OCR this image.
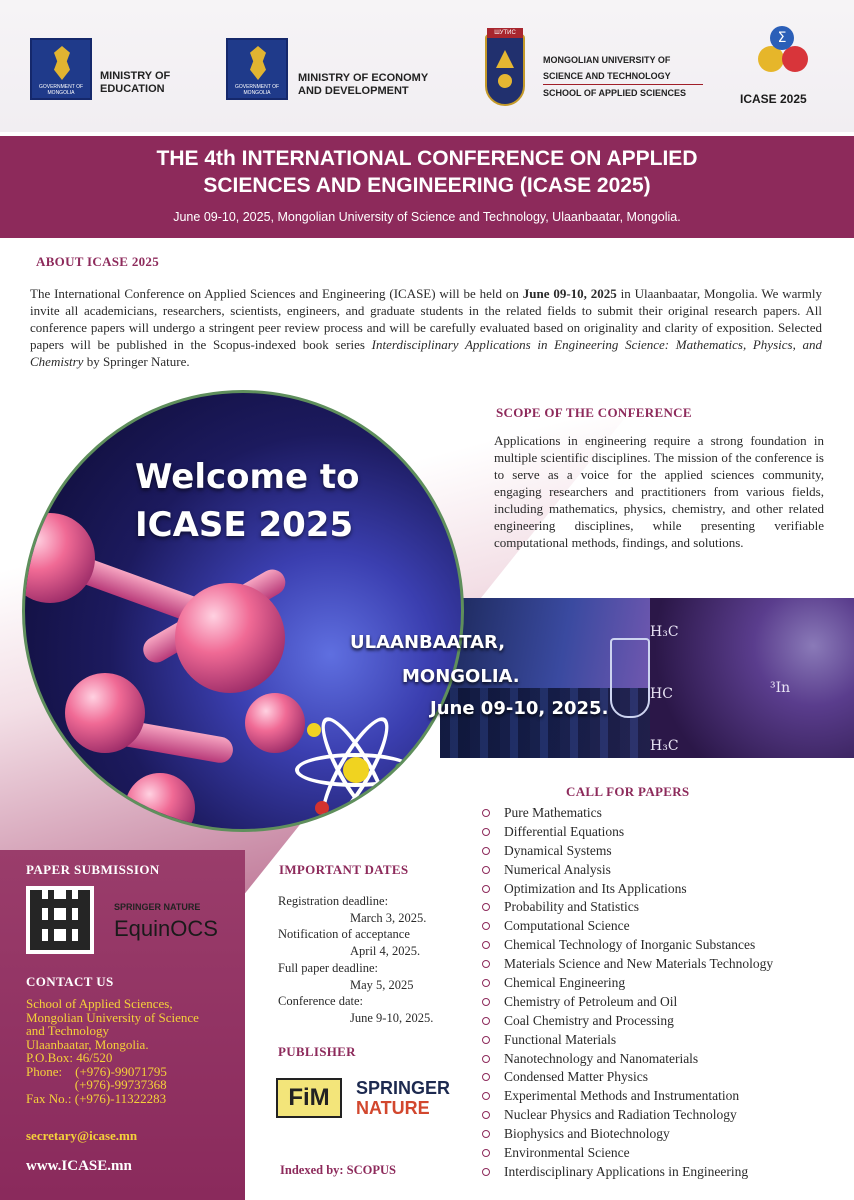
GOVERNMENT OF MONGOLIA
MINISTRY OF
EDUCATION	GOVERNMENT OF MONGOLIA
MINISTRY OF ECONOMY
AND DEVELOPMENT
ШУТИС
MONGOLIAN UNIVERSITY OF
SCIENCE AND TECHNOLOGY
SCHOOL OF APPLIED SCIENCES
Σ
ICASE 2025
THE 4th INTERNATIONAL CONFERENCE ON APPLIED
SCIENCES AND ENGINEERING (ICASE 2025)
June 09-10, 2025, Mongolian University of Science and Technology, Ulaanbaatar, Mongolia.
ABOUT ICASE 2025
The International Conference on Applied Sciences and Engineering (ICASE) will be held on June 09-10, 2025 in Ulaanbaatar, Mongolia. We warmly invite all academicians, researchers, scientists, engineers, and graduate students in the related fields to submit their original research papers. All conference papers will undergo a stringent peer review process and will be carefully evaluated based on originality and clarity of exposition. Selected papers will be published in the Scopus-indexed book series Interdisciplinary Applications in Engineering Science: Mathematics, Physics, and Chemistry by Springer Nature.
SCOPE OF THE CONFERENCE
Applications in engineering require a strong foundation in multiple scientific disciplines. The mission of the conference is to serve as a voice for the applied sciences community, engaging researchers and practitioners from various fields, including mathematics, physics, chemistry, and other related engineering disciplines, while presenting verifiable computational methods, findings, and solutions.
H₃C
HC	³In
H₃C
Welcome to
ICASE 2025
ULAANBAATAR,
MONGOLIA.
June 09-10, 2025.
CALL FOR PAPERS
Pure Mathematics
Differential Equations
Dynamical Systems
Numerical Analysis
Optimization and Its Applications
Probability and Statistics
Computational Science
Chemical Technology of Inorganic Substances
Materials Science and New Materials Technology
Chemical Engineering
Chemistry of Petroleum and Oil
Coal Chemistry and Processing
Functional Materials
Nanotechnology and Nanomaterials
Condensed Matter Physics
Experimental Methods and Instrumentation
Nuclear Physics and Radiation Technology
Biophysics and Biotechnology
Environmental Science
Interdisciplinary Applications in Engineering
PAPER SUBMISSION
SPRINGER NATURE
EquinOCS
CONTACT US
School of Applied Sciences,
Mongolian University of Science
and Technology
Ulaanbaatar, Mongolia.
P.O.Box: 46/520
Phone:    (+976)-99071795
(+976)-99737368
Fax No.: (+976)-11322283
secretary@icase.mn
www.ICASE.mn
IMPORTANT DATES
Registration deadline:
March 3, 2025.
Notification of acceptance
April 4, 2025.
Full paper deadline:
May 5, 2025
Conference date:
June 9-10, 2025.
PUBLISHER
FiM	SPRINGER
NATURE
Indexed by: SCOPUS
